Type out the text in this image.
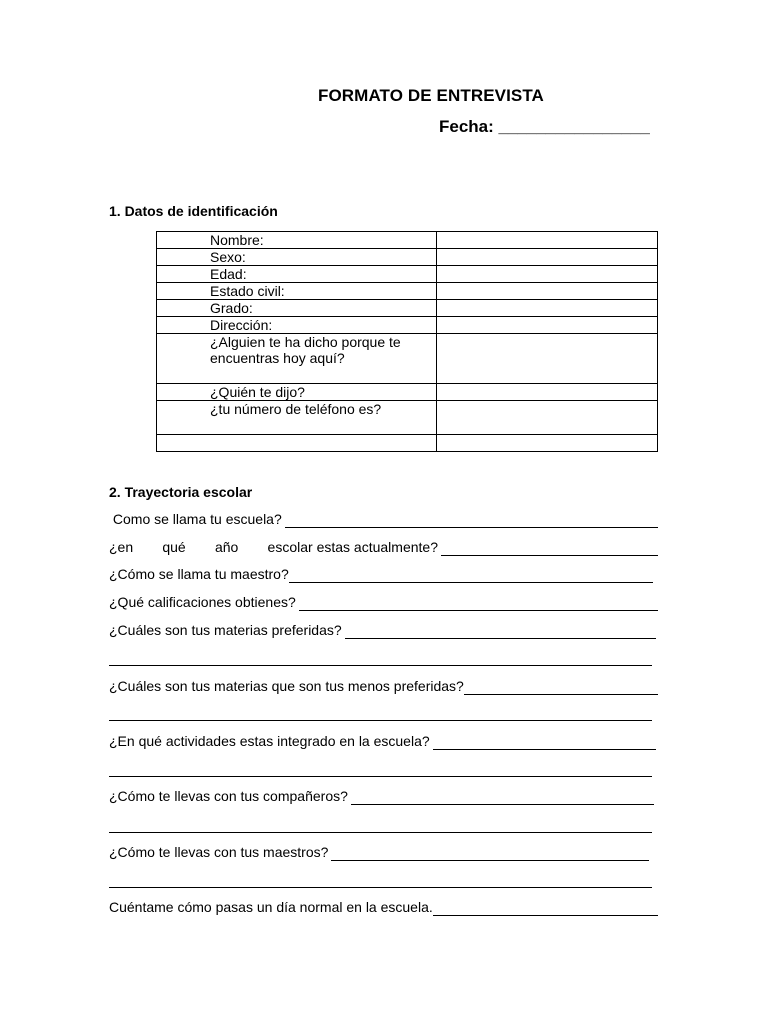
FORMATO DE ENTREVISTA
Fecha: ________________
1. Datos de identificación
Nombre:	
Sexo:	
Edad:	
Estado civil:	
Grado:	
Dirección:	
¿Alguien te ha dicho porque te encuentras hoy aquí?	
¿Quién te dijo?	
¿tu número de teléfono es?	

2. Trayectoria escolar
Como se llama tu escuela?
¿en qué año escolar estas actualmente?
¿Cómo se llama tu maestro?
¿Qué calificaciones obtienes?
¿Cuáles son tus materias preferidas?
¿Cuáles son tus materias que son tus menos preferidas?
¿En qué actividades estas integrado en la escuela?
¿Cómo te llevas con tus compañeros?
¿Cómo te llevas con tus maestros?
Cuéntame cómo pasas un día normal en la escuela.
